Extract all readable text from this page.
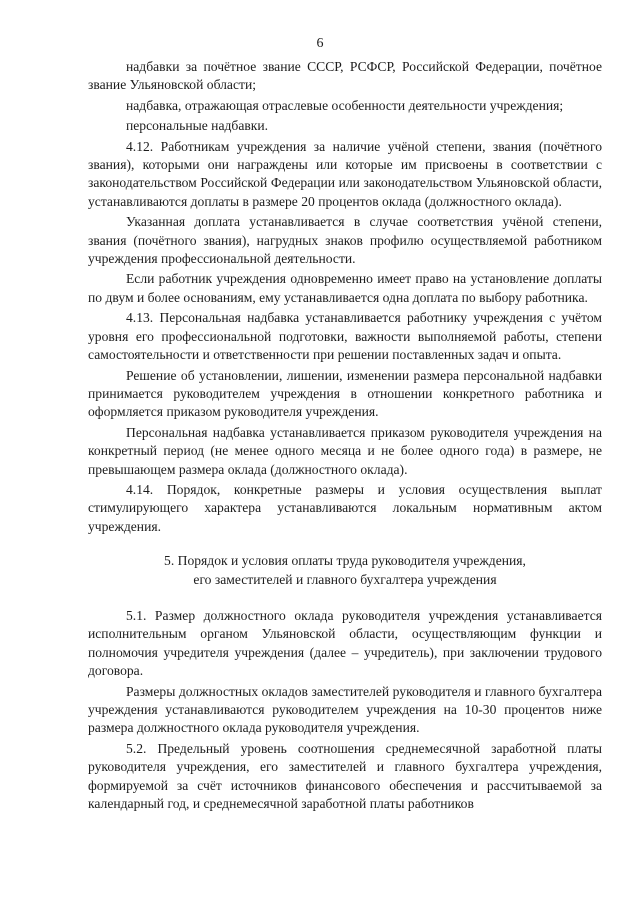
6

надбавки за почётное звание СССР, РСФСР, Российской Федерации, почётное звание Ульяновской области;

надбавка, отражающая отраслевые особенности деятельности учреждения;

персональные надбавки.

4.12. Работникам учреждения за наличие учёной степени, звания (почётного звания), которыми они награждены или которые им присвоены в соответствии с законодательством Российской Федерации или законодательством Ульяновской области, устанавливаются доплаты в размере 20 процентов оклада (должностного оклада).

Указанная доплата устанавливается в случае соответствия учёной степени, звания (почётного звания), нагрудных знаков профилю осуществляемой работником учреждения профессиональной деятельности.

Если работник учреждения одновременно имеет право на установление доплаты по двум и более основаниям, ему устанавливается одна доплата по выбору работника.

4.13. Персональная надбавка устанавливается работнику учреждения с учётом уровня его профессиональной подготовки, важности выполняемой работы, степени самостоятельности и ответственности при решении поставленных задач и опыта.

Решение об установлении, лишении, изменении размера персональной надбавки принимается руководителем учреждения в отношении конкретного работника и оформляется приказом руководителя учреждения.

Персональная надбавка устанавливается приказом руководителя учреждения на конкретный период (не менее одного месяца и не более одного года) в размере, не превышающем размера оклада (должностного оклада).

4.14. Порядок, конкретные размеры и условия осуществления выплат стимулирующего характера устанавливаются локальным нормативным актом учреждения.

5. Порядок и условия оплаты труда руководителя учреждения,
его заместителей и главного бухгалтера учреждения

5.1. Размер должностного оклада руководителя учреждения устанавливается исполнительным органом Ульяновской области, осуществляющим функции и полномочия учредителя учреждения (далее – учредитель), при заключении трудового договора.

Размеры должностных окладов заместителей руководителя и главного бухгалтера учреждения устанавливаются руководителем учреждения на 10-30 процентов ниже размера должностного оклада руководителя учреждения.

5.2. Предельный уровень соотношения среднемесячной заработной платы руководителя учреждения, его заместителей и главного бухгалтера учреждения, формируемой за счёт источников финансового обеспечения и рассчитываемой за календарный год, и среднемесячной заработной платы работников
